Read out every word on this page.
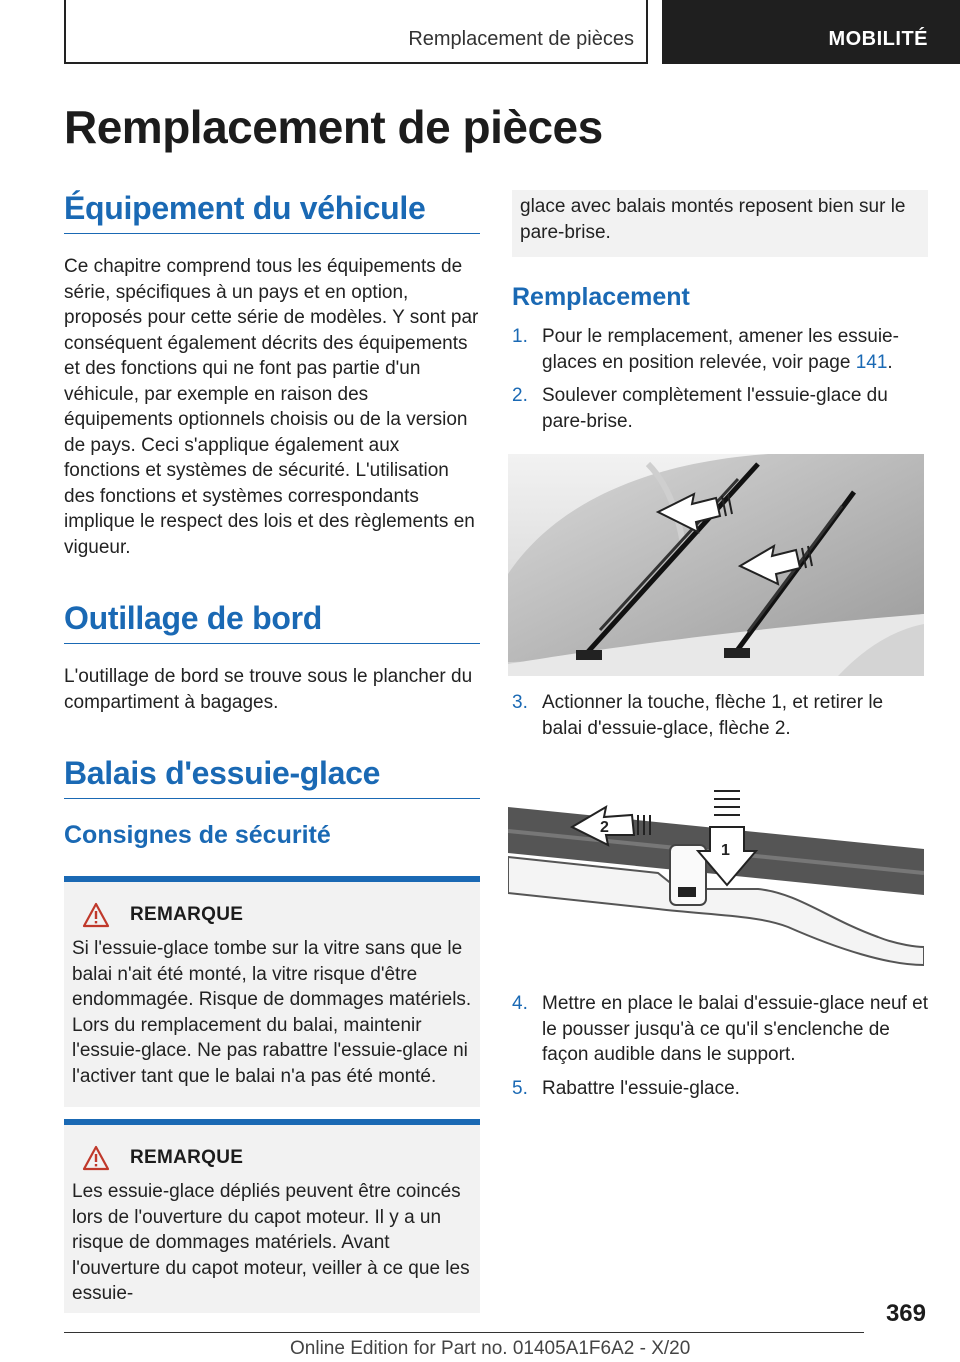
Remplacement de pièces	MOBILITÉ
Remplacement de pièces
Équipement du véhicule

Ce chapitre comprend tous les équipements de série, spécifiques à un pays et en option, proposés pour cette série de modèles. Y sont par conséquent également décrits des équipements et des fonctions qui ne font pas partie d'un véhicule, par exemple en raison des équipements optionnels choisis ou de la version de pays. Ceci s'applique également aux fonctions et systèmes de sécurité. L'utilisation des fonctions et systèmes correspondants implique le respect des lois et des règlements en vigueur.

Outillage de bord

L'outillage de bord se trouve sous le plancher du compartiment à bagages.

Balais d'essuie-glace
Consignes de sécurité
REMARQUE

Si l'essuie-glace tombe sur la vitre sans que le balai n'ait été monté, la vitre risque d'être endommagée. Risque de dommages matériels. Lors du remplacement du balai, maintenir l'essuie-glace. Ne pas rabattre l'essuie-glace ni l'activer tant que le balai n'a pas été monté.

REMARQUE

Les essuie-glace dépliés peuvent être coincés lors de l'ouverture du capot moteur. Il y a un risque de dommages matériels. Avant l'ouverture du capot moteur, veiller à ce que les essuie-

glace avec balais montés reposent bien sur le pare-brise.

Remplacement
1. Pour le remplacement, amener les essuie-glaces en position relevée, voir page 141.
2. Soulever complètement l'essuie-glace du pare-brise.
3. Actionner la touche, flèche 1, et retirer le balai d'essuie-glace, flèche 2.
2
1
4. Mettre en place le balai d'essuie-glace neuf et le pousser jusqu'à ce qu'il s'enclenche de façon audible dans le support.
5. Rabattre l'essuie-glace.
369
Online Edition for Part no. 01405A1F6A2 - X/20
